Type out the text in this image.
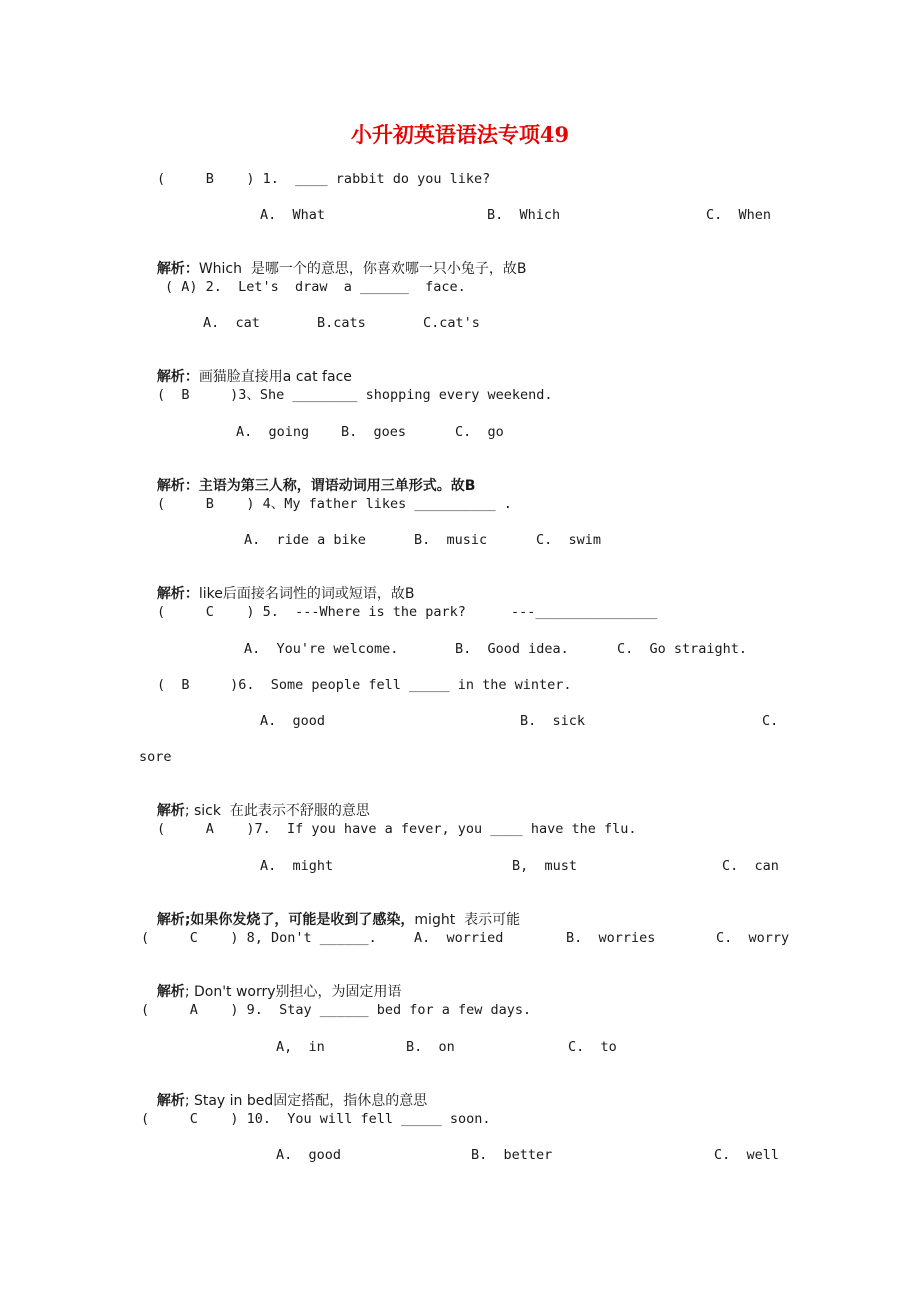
小升初英语语法专项49
(     B    ) 1.  ____ rabbit do you like?
A.  What	B.  Which	C.  When

解析：Which  是哪一个的意思，你喜欢哪一只小兔子，故B

( A) 2.  Let's  draw  a ______  face.
A.  cat	B.cats	C.cat's

解析：画猫脸直接用a cat face

(  B     )3、She ________ shopping every weekend.
A.  going B.  goes	C.  go

解析：主语为第三人称，谓语动词用三单形式。故B

(     B    ) 4、My father likes __________ .
A.  ride a bike	B.  music	C.  swim

解析：like后面接名词性的词或短语，故B

(     C    ) 5.  ---Where is the park?	---_______________
A.  You're welcome.	B.  Good idea.	C.  Go straight.
(  B     )6.  Some people fell _____ in the winter.
A.  good	B.  sick	C.
sore

解析; sick  在此表示不舒服的意思

(     A    )7.  If you have a fever, you ____ have the flu.
A.  might	B,  must	C.  can

解析;如果你发烧了，可能是收到了感染，might  表示可能

(     C    ) 8, Don't ______.	A.  worried	B.  worries	C.  worry

解析; Don't worry别担心，为固定用语

(     A    ) 9.  Stay ______ bed for a few days.
A,  in	B.  on	C.  to

解析; Stay in bed固定搭配，指休息的意思

(     C    ) 10.  You will fell _____ soon.
A.  good	B.  better	C.  well
